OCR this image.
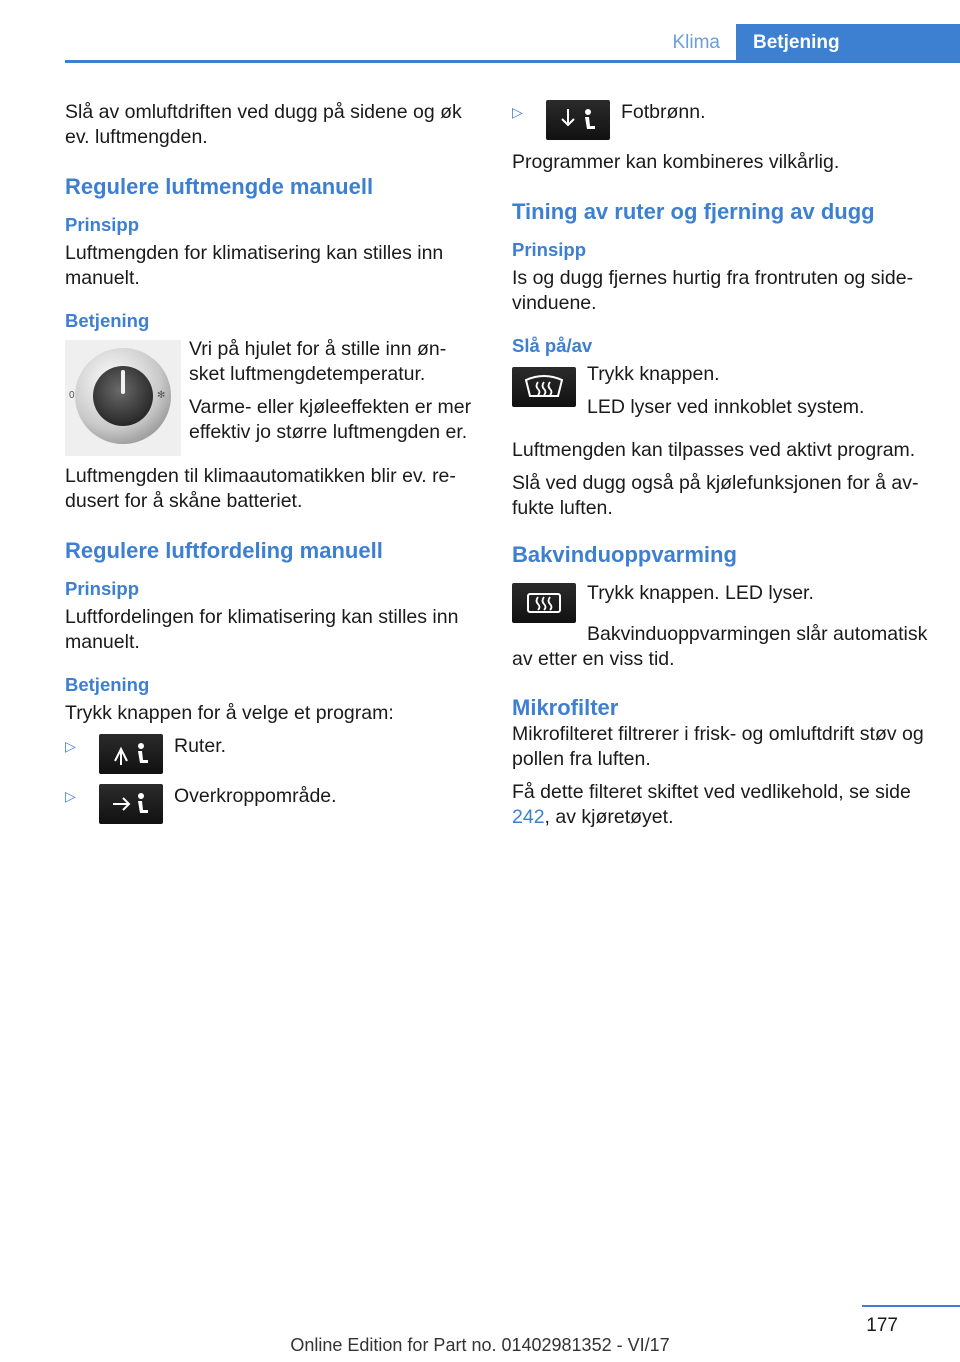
Klima	Betjening

Slå av omluftdriften ved dugg på sidene og øk ev. luftmengden.

Regulere luftmengde manuell
Prinsipp

Luftmengden for klimatisering kan stilles inn manuelt.

Betjening
0	✻

Vri på hjulet for å stille inn ønsket luftmengdetemperatur.

Varme- eller kjøleeffekten er mer effektiv jo større luftmengden er.

Luftmengden til klimaautomatikken blir ev. redusert for å skåne batteriet.

Regulere luftfordeling manuell
Prinsipp

Luftfordelingen for klimatisering kan stilles inn manuelt.

Betjening

Trykk knappen for å velge et program:

▷	Ruter.
▷	Overkroppområde.
▷	Fotbrønn.

Programmer kan kombineres vilkårlig.

Tining av ruter og fjerning av dugg
Prinsipp

Is og dugg fjernes hurtig fra frontruten og sidevinduene.

Slå på/av

Trykk knappen.

LED lyser ved innkoblet system.

Luftmengden kan tilpasses ved aktivt program.

Slå ved dugg også på kjølefunksjonen for å avfukte luften.

Bakvinduoppvarming

Trykk knappen. LED lyser.

Bakvinduoppvarmingen slår automatisk av etter en viss tid.

Mikrofilter

Mikrofilteret filtrerer i frisk- og omluftdrift støv og pollen fra luften.

Få dette filteret skiftet ved vedlikehold, se side 242, av kjøretøyet.

177
Online Edition for Part no. 01402981352 - VI/17
